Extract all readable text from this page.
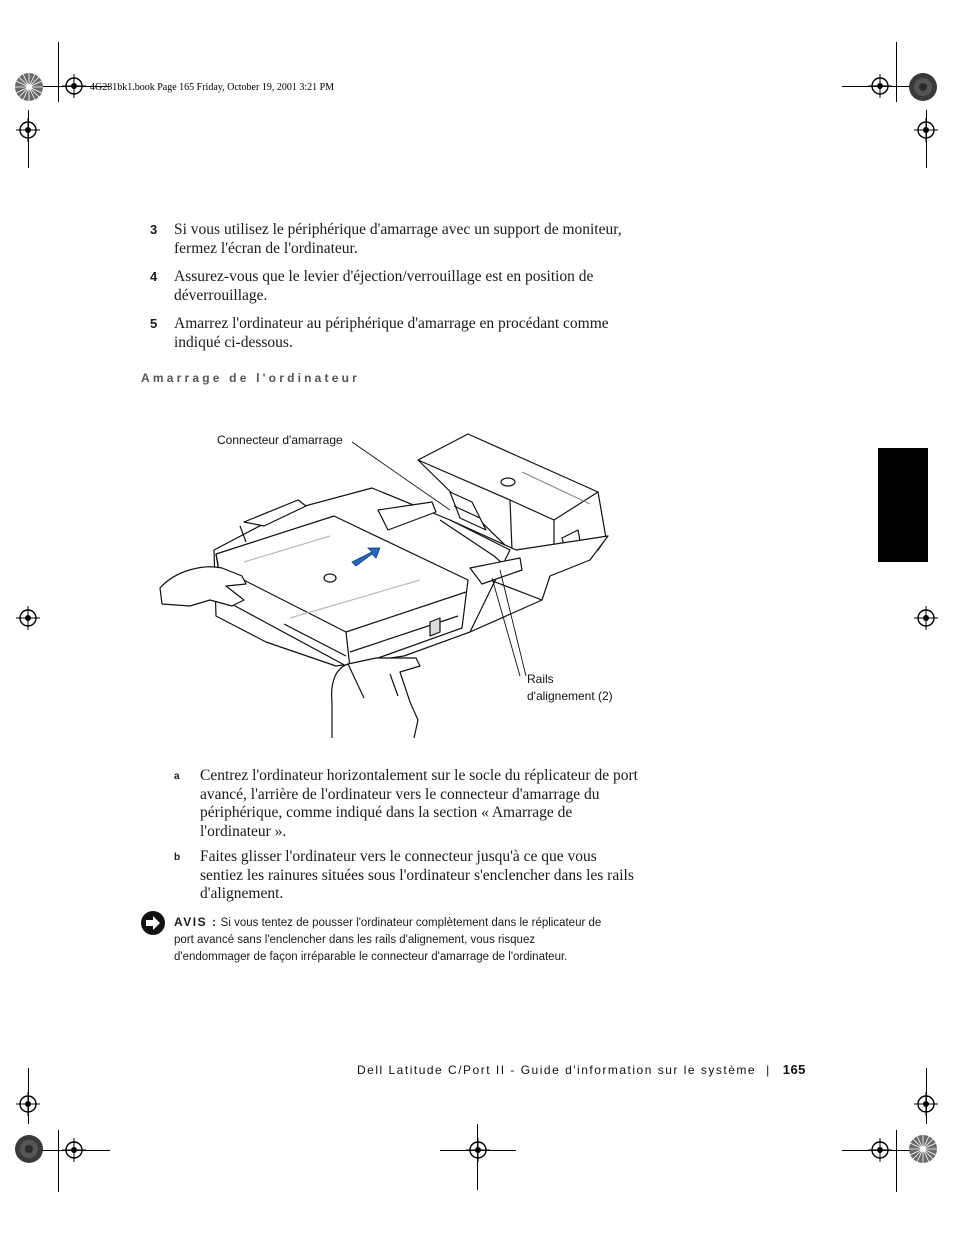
4G281bk1.book Page 165 Friday, October 19, 2001 3:21 PM
3	Si vous utilisez le périphérique d'amarrage avec un support de moniteur, fermez l'écran de l'ordinateur.
4	Assurez-vous que le levier d'éjection/verrouillage est en position de déverrouillage.
5	Amarrez l'ordinateur au périphérique d'amarrage en procédant comme indiqué ci-dessous.
Amarrage de l'ordinateur
Connecteur d'amarrage
Rails
d'alignement (2)
a Centrez l'ordinateur horizontalement sur le socle du réplicateur de port avancé, l'arrière de l'ordinateur vers le connecteur d'amarrage du périphérique, comme indiqué dans la section « Amarrage de l'ordinateur ».
b Faites glisser l'ordinateur vers le connecteur jusqu'à ce que vous sentiez les rainures situées sous l'ordinateur s'enclencher dans les rails d'alignement.
AVIS : Si vous tentez de pousser l'ordinateur complètement dans le réplicateur de port avancé sans l'enclencher dans les rails d'alignement, vous risquez d'endommager de façon irréparable le connecteur d'amarrage de l'ordinateur.
Dell Latitude C/Port II - Guide d'information sur le système | 165
